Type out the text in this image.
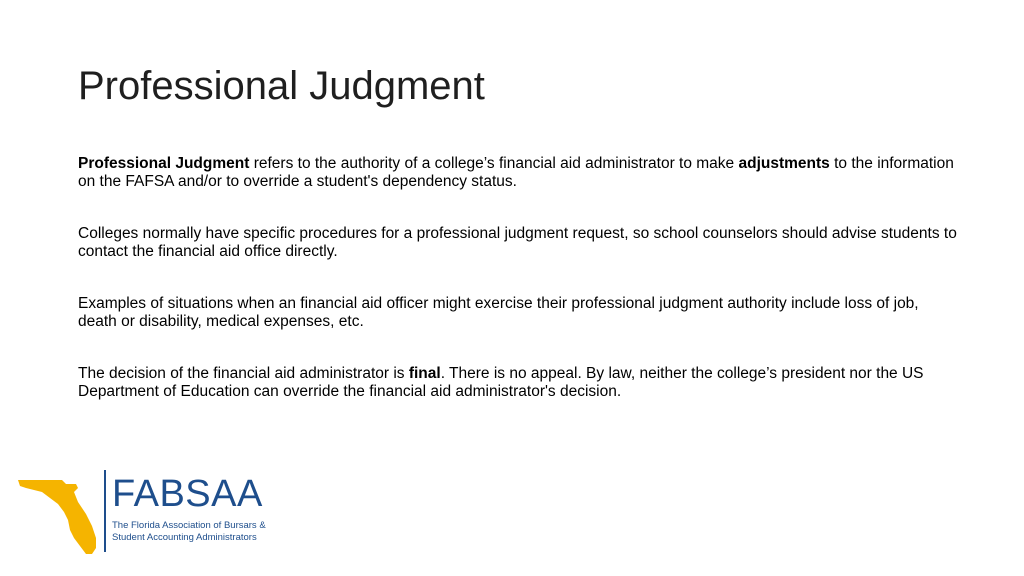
Professional Judgment

Professional Judgment refers to the authority of a college’s financial aid administrator to make adjustments to the information on the FAFSA and/or to override a student's dependency status.

Colleges normally have specific procedures for a professional judgment request, so school counselors should advise students to contact the financial aid office directly.

Examples of situations when an financial aid officer might exercise their professional judgment authority include loss of job, death or disability, medical expenses, etc.

The decision of the financial aid administrator is final. There is no appeal. By law, neither the college’s president nor the US Department of Education can override the financial aid administrator's decision.

FABSAA
The Florida Association of Bursars &
Student Accounting Administrators
